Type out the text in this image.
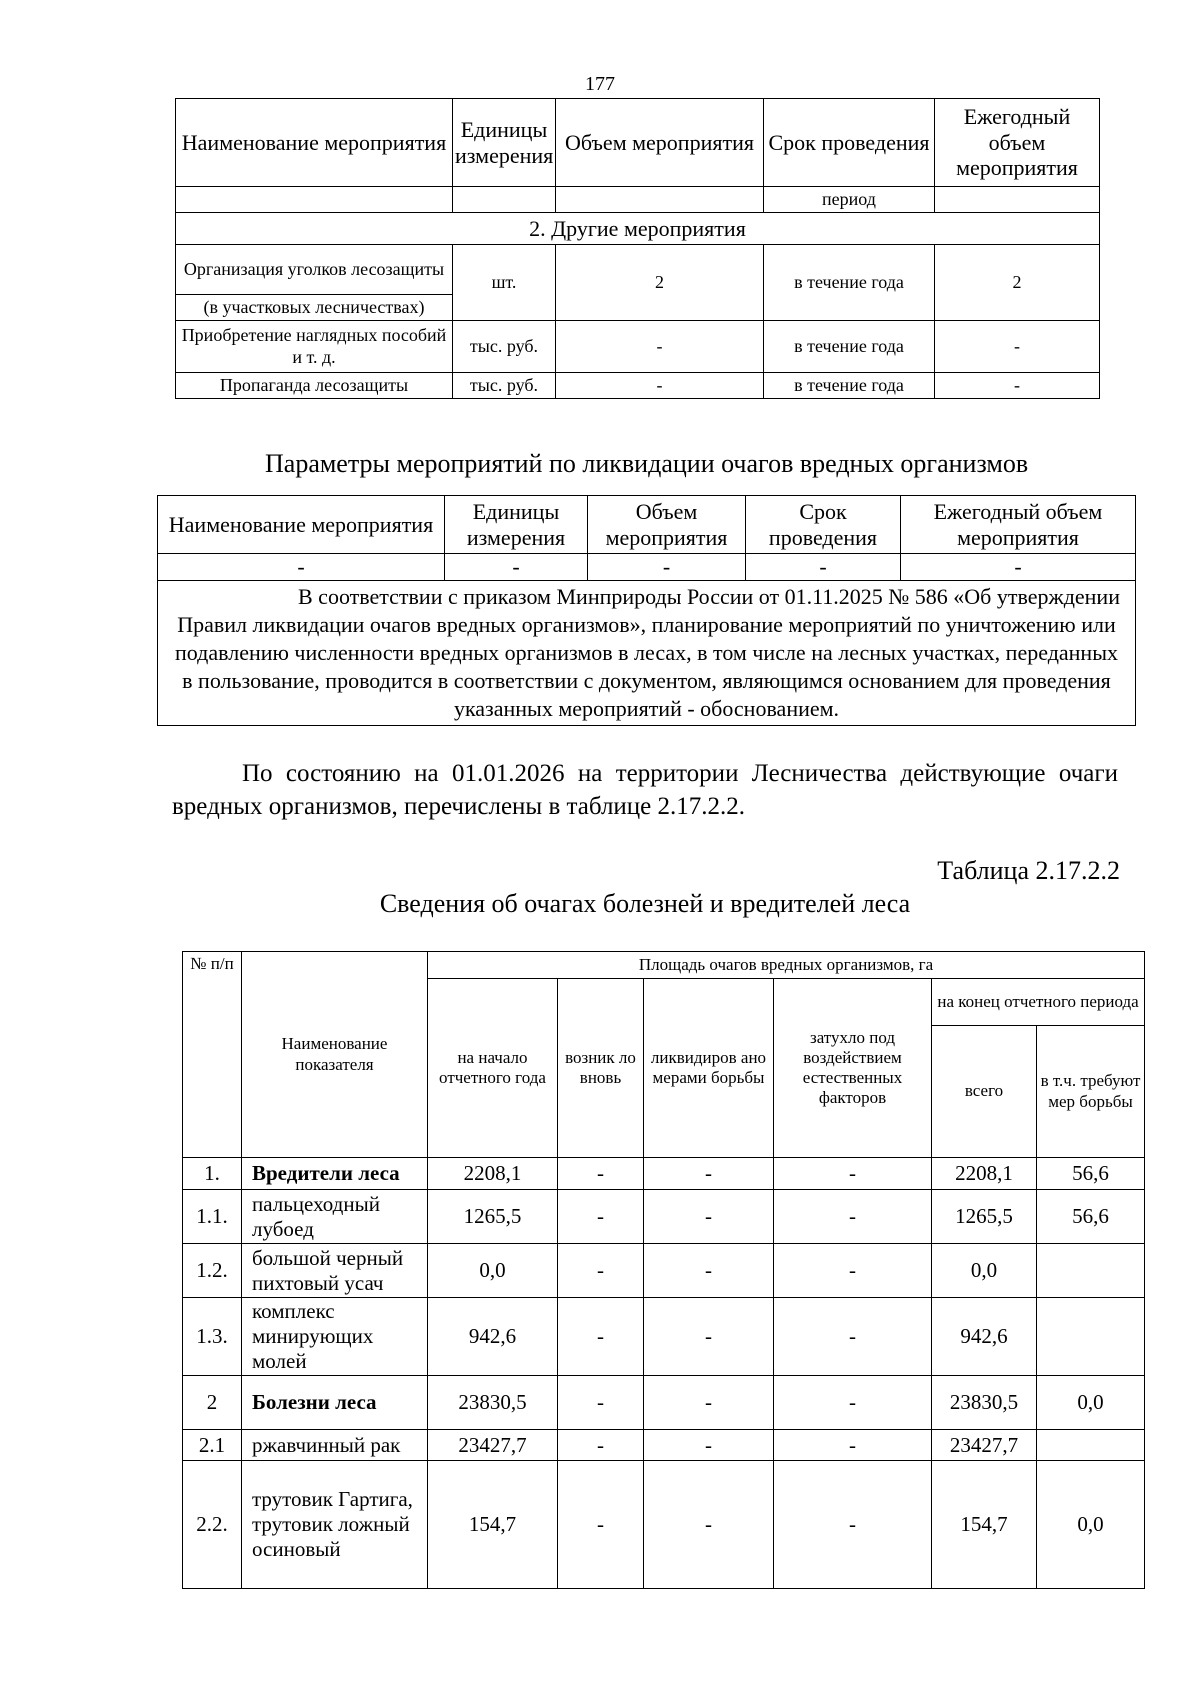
177
Наименование мероприятия	Единицы измерения	Объем мероприятия	Срок проведения	Ежегодный объем мероприятия
			период	
2. Другие мероприятия				
Организация уголков лесозащиты	шт.	2	в течение года	2
(в участковых лесничествах)				
Приобретение наглядных пособий и т. д.	тыс. руб.	-	в течение года	-
Пропаганда лесозащиты	тыс. руб.	-	в течение года	-
Параметры мероприятий по ликвидации очагов вредных организмов
Наименование мероприятия	Единицы измерения	Объем мероприятия	Срок проведения	Ежегодный объем мероприятия
-	-	-	-	-
В соответствии с приказом Минприроды России от 01.11.2025 № 586 «Об утверждении Правил ликвидации очагов вредных организмов», планирование мероприятий по уничтожению или подавлению численности вредных организмов в лесах, в том числе на лесных участках, переданных в пользование, проводится в соответствии с документом, являющимся основанием для проведения указанных мероприятий - обоснованием.				
По состоянию на 01.01.2026 на территории Лесничества действующие очаги вредных организмов, перечислены в таблице 2.17.2.2.
Таблица 2.17.2.2
Сведения об очагах болезней и вредителей леса
№ п/п	Наименование показателя	Площадь очагов вредных организмов, га					
		на начало отчетного года	возник ло вновь	ликвидиров ано мерами борьбы	затухло под воздействием естественных факторов	на конец отчетного периода	
						всего	в т.ч. требуют мер борьбы
1.	Вредители леса	2208,1	-	-	-	2208,1	56,6
1.1.	пальцеходный лубоед	1265,5	-	-	-	1265,5	56,6
1.2.	большой черный пихтовый усач	0,0	-	-	-	0,0	
1.3.	комплекс минирующих молей	942,6	-	-	-	942,6	
2	Болезни леса	23830,5	-	-	-	23830,5	0,0
2.1	ржавчинный рак	23427,7	-	-	-	23427,7	
2.2.	трутовик Гартига, трутовик ложный осиновый	154,7	-	-	-	154,7	0,0
